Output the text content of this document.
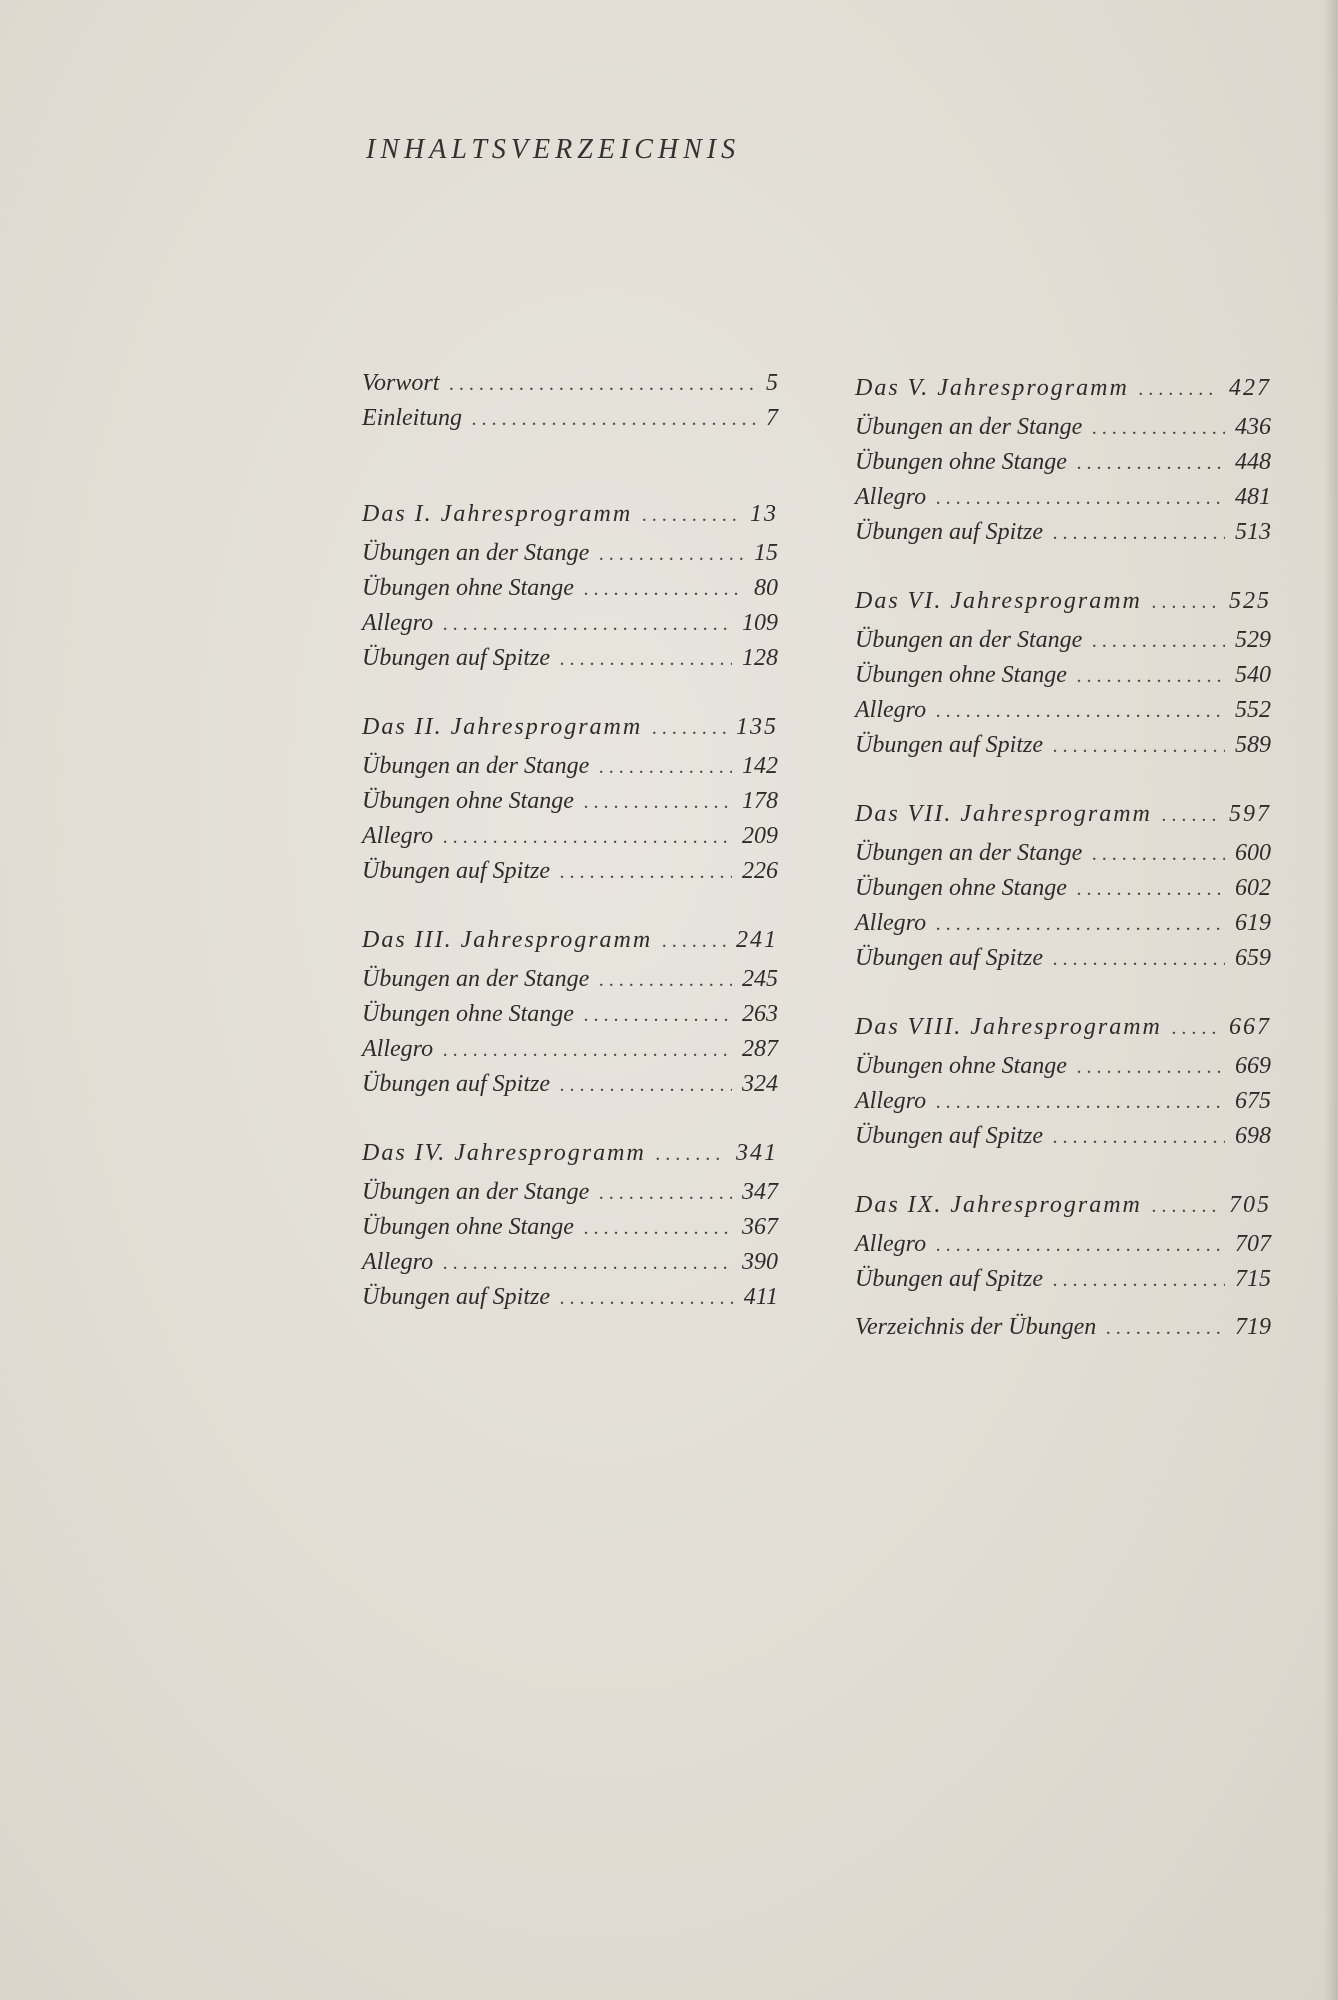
INHALTSVERZEICHNIS
Vorwort . . .	5
Einleitung . . .	7
Das I. Jahresprogramm . . .	13
Übungen an der Stange . . .	15
Übungen ohne Stange . . .	80
Allegro . . .	109
Übungen auf Spitze . . .	128
Das II. Jahresprogramm . . .	135
Übungen an der Stange . . .	142
Übungen ohne Stange . . .	178
Allegro . . .	209
Übungen auf Spitze . . .	226
Das III. Jahresprogramm . . .	241
Übungen an der Stange . . .	245
Übungen ohne Stange . . .	263
Allegro . . .	287
Übungen auf Spitze . . .	324
Das IV. Jahresprogramm . . .	341
Übungen an der Stange . . .	347
Übungen ohne Stange . . .	367
Allegro . . .	390
Übungen auf Spitze . . .	411
Das V. Jahresprogramm . . .	427
Übungen an der Stange . . .	436
Übungen ohne Stange . . .	448
Allegro . . .	481
Übungen auf Spitze . . .	513
Das VI. Jahresprogramm . . .	525
Übungen an der Stange . . .	529
Übungen ohne Stange . . .	540
Allegro . . .	552
Übungen auf Spitze . . .	589
Das VII. Jahresprogramm . . .	597
Übungen an der Stange . . .	600
Übungen ohne Stange . . .	602
Allegro . . .	619
Übungen auf Spitze . . .	659
Das VIII. Jahresprogramm . . .	667
Übungen ohne Stange . . .	669
Allegro . . .	675
Übungen auf Spitze . . .	698
Das IX. Jahresprogramm . . .	705
Allegro . . .	707
Übungen auf Spitze . . .	715
Verzeichnis der Übungen . . .	719
